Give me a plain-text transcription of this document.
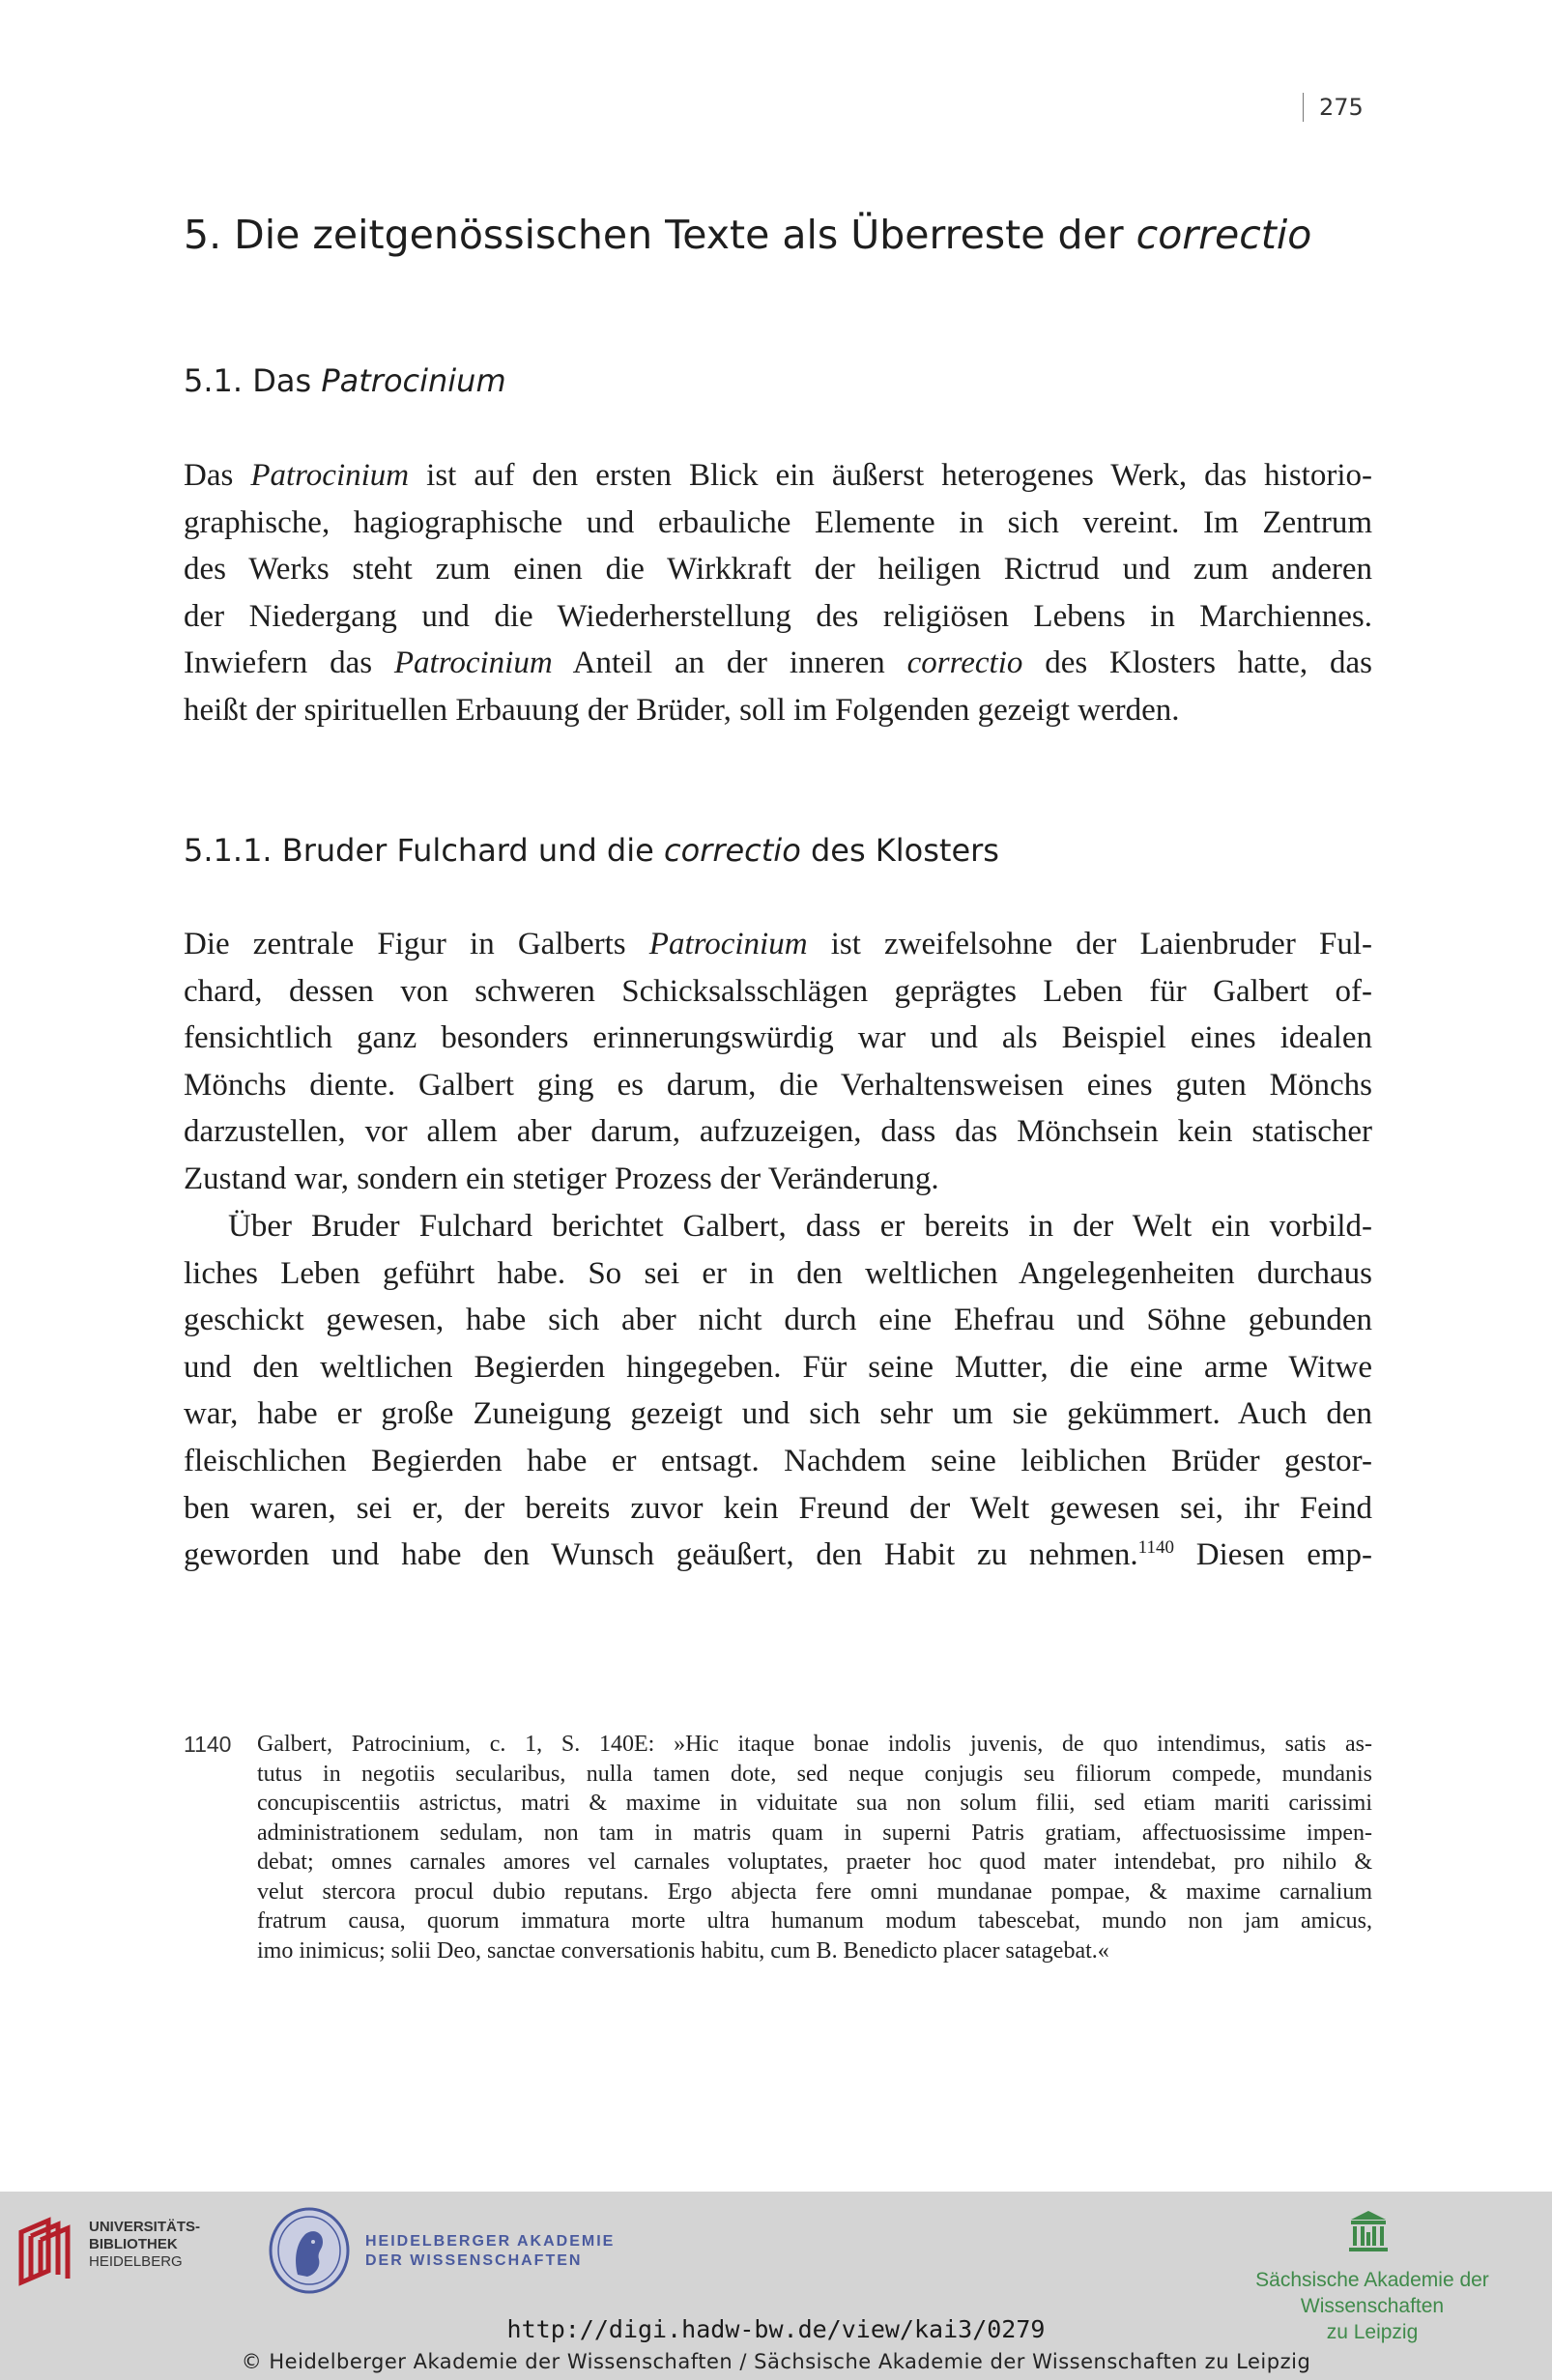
275
5. Die zeitgenössischen Texte als Überreste der correctio
5.1. Das Patrocinium
Das Patrocinium ist auf den ersten Blick ein äußerst heterogenes Werk, das historio-
graphische, hagiographische und erbauliche Elemente in sich vereint. Im Zentrum
des Werks steht zum einen die Wirkkraft der heiligen Rictrud und zum anderen
der Niedergang und die Wiederherstellung des religiösen Lebens in Marchiennes.
Inwiefern das Patrocinium Anteil an der inneren correctio des Klosters hatte, das
heißt der spirituellen Erbauung der Brüder, soll im Folgenden gezeigt werden.
5.1.1. Bruder Fulchard und die correctio des Klosters
Die zentrale Figur in Galberts Patrocinium ist zweifelsohne der Laienbruder Ful-
chard, dessen von schweren Schicksalsschlägen geprägtes Leben für Galbert of-
fensichtlich ganz besonders erinnerungswürdig war und als Beispiel eines idealen
Mönchs diente. Galbert ging es darum, die Verhaltensweisen eines guten Mönchs
darzustellen, vor allem aber darum, aufzuzeigen, dass das Mönchsein kein statischer
Zustand war, sondern ein stetiger Prozess der Veränderung.
Über Bruder Fulchard berichtet Galbert, dass er bereits in der Welt ein vorbild-
liches Leben geführt habe. So sei er in den weltlichen Angelegenheiten durchaus
geschickt gewesen, habe sich aber nicht durch eine Ehefrau und Söhne gebunden
und den weltlichen Begierden hingegeben. Für seine Mutter, die eine arme Witwe
war, habe er große Zuneigung gezeigt und sich sehr um sie gekümmert. Auch den
fleischlichen Begierden habe er entsagt. Nachdem seine leiblichen Brüder gestor-
ben waren, sei er, der bereits zuvor kein Freund der Welt gewesen sei, ihr Feind
geworden und habe den Wunsch geäußert, den Habit zu nehmen.$^{1140}$ Diesen emp-
1140 Galbert, Patrocinium, c. 1, S. 140E: »Hic itaque bonae indolis juvenis, de quo intendimus, satis as-
tutus in negotiis secularibus, nulla tamen dote, sed neque conjugis seu filiorum compede, mundanis
concupiscentiis astrictus, matri & maxime in viduitate sua non solum filii, sed etiam mariti carissimi
administrationem sedulam, non tam in matris quam in superni Patris gratiam, affectuosissime impen-
debat; omnes carnales amores vel carnales voluptates, praeter hoc quod mater intendebat, pro nihilo &
velut stercora procul dubio reputans. Ergo abjecta fere omni mundanae pompae, & maxime carnalium
fratrum causa, quorum immatura morte ultra humanum modum tabescebat, mundo non jam amicus,
imo inimicus; solii Deo, sanctae conversationis habitu, cum B. Benedicto placer satagebat.«
UNIVERSITÄTS-
BIBLIOTHEK
HEIDELBERG
HEIDELBERGER AKADEMIE
DER WISSENSCHAFTEN
Sächsische Akademie der Wissenschaften
zu Leipzig
http://digi.hadw-bw.de/view/kai3/0279
© Heidelberger Akademie der Wissenschaften / Sächsische Akademie der Wissenschaften zu Leipzig
